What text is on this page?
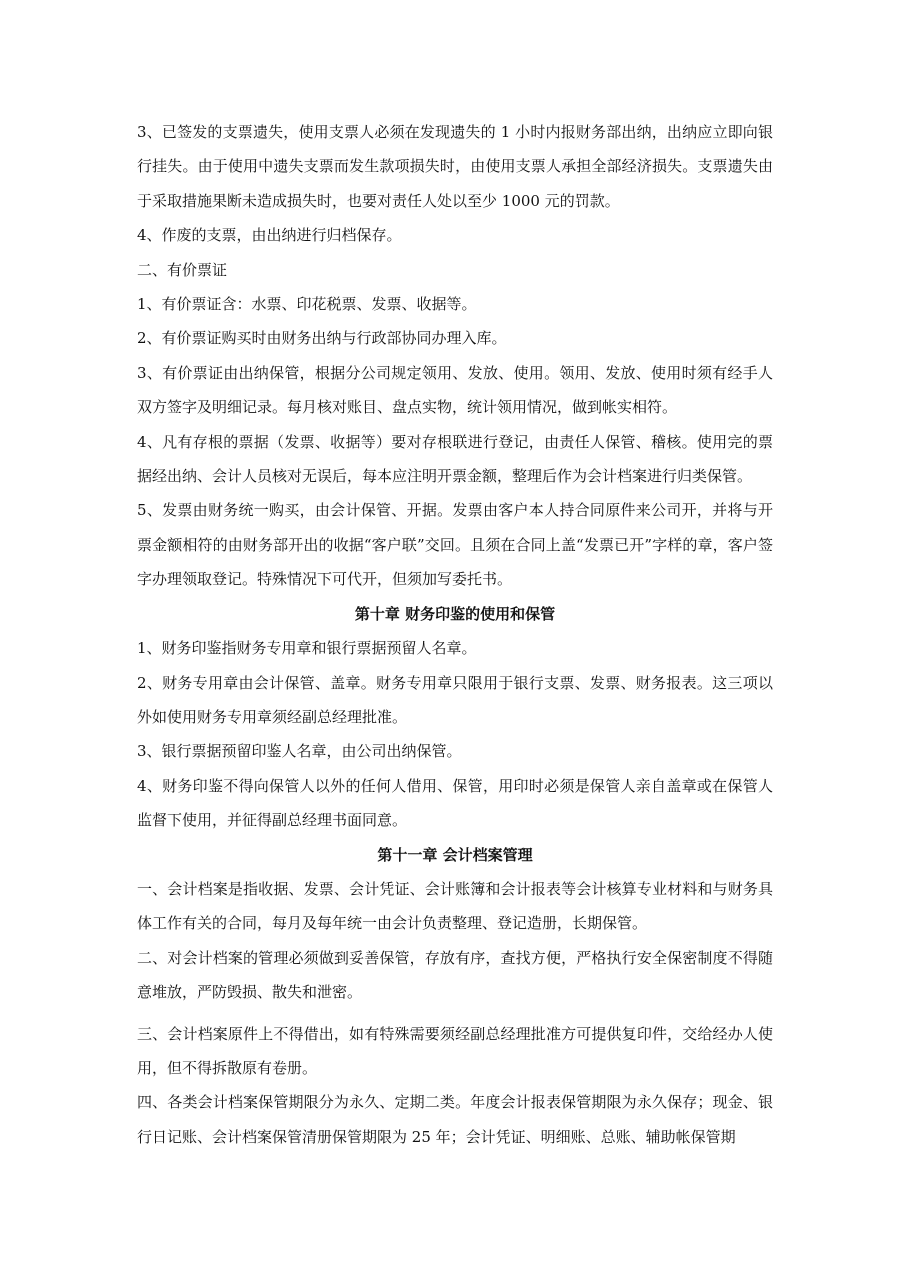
3、已签发的支票遗失，使用支票人必须在发现遗失的 1 小时内报财务部出纳，出纳应立即向银行挂失。由于使用中遗失支票而发生款项损失时，由使用支票人承担全部经济损失。支票遗失由于采取措施果断未造成损失时，也要对责任人处以至少 1000 元的罚款。

4、作废的支票，由出纳进行归档保存。

二、有价票证

1、有价票证含：水票、印花税票、发票、收据等。

2、有价票证购买时由财务出纳与行政部协同办理入库。

3、有价票证由出纳保管，根据分公司规定领用、发放、使用。领用、发放、使用时须有经手人双方签字及明细记录。每月核对账目、盘点实物，统计领用情况，做到帐实相符。

4、凡有存根的票据（发票、收据等）要对存根联进行登记，由责任人保管、稽核。使用完的票据经出纳、会计人员核对无误后，每本应注明开票金额，整理后作为会计档案进行归类保管。

5、发票由财务统一购买，由会计保管、开据。发票由客户本人持合同原件来公司开，并将与开票金额相符的由财务部开出的收据“客户联”交回。且须在合同上盖“发票已开”字样的章，客户签字办理领取登记。特殊情况下可代开，但须加写委托书。

第十章 财务印鉴的使用和保管

1、财务印鉴指财务专用章和银行票据预留人名章。

2、财务专用章由会计保管、盖章。财务专用章只限用于银行支票、发票、财务报表。这三项以外如使用财务专用章须经副总经理批准。

3、银行票据预留印鉴人名章，由公司出纳保管。

4、财务印鉴不得向保管人以外的任何人借用、保管，用印时必须是保管人亲自盖章或在保管人监督下使用，并征得副总经理书面同意。

第十一章 会计档案管理

一、会计档案是指收据、发票、会计凭证、会计账簿和会计报表等会计核算专业材料和与财务具体工作有关的合同，每月及每年统一由会计负责整理、登记造册，长期保管。

二、对会计档案的管理必须做到妥善保管，存放有序，查找方便，严格执行安全保密制度不得随意堆放，严防毁损、散失和泄密。

三、会计档案原件上不得借出，如有特殊需要须经副总经理批准方可提供复印件，交给经办人使用，但不得拆散原有卷册。

四、各类会计档案保管期限分为永久、定期二类。年度会计报表保管期限为永久保存；现金、银行日记账、会计档案保管清册保管期限为 25 年；会计凭证、明细账、总账、辅助帐保管期
